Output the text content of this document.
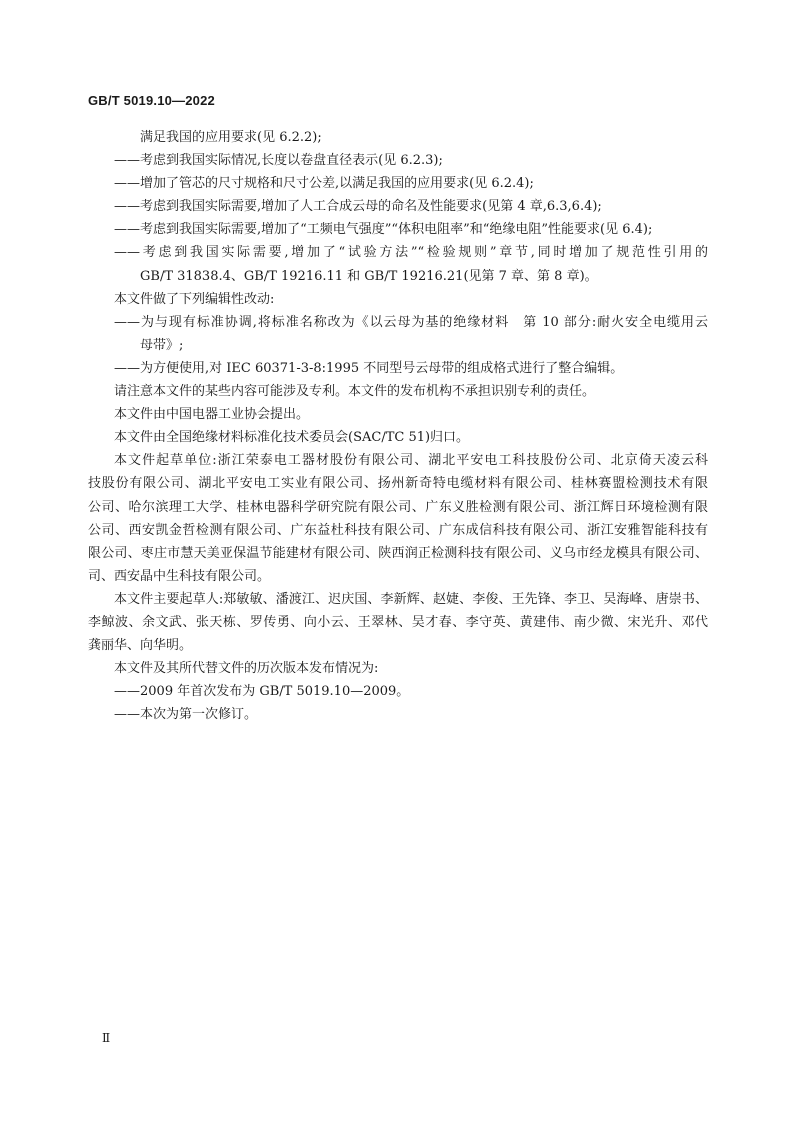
GB/T 5019.10—2022
满足我国的应用要求(见 6.2.2);
——考虑到我国实际情况,长度以卷盘直径表示(见 6.2.3);
——增加了管芯的尺寸规格和尺寸公差,以满足我国的应用要求(见 6.2.4);
——考虑到我国实际需要,增加了人工合成云母的命名及性能要求(见第 4 章,6.3,6.4);
——考虑到我国实际需要,增加了“工频电气强度”“体积电阻率”和“绝缘电阻”性能要求(见 6.4);
——考虑到我国实际需要,增加了“试验方法”“检验规则”章节,同时增加了规范性引用的
GB/T 31838.4、GB/T 19216.11 和 GB/T 19216.21(见第 7 章、第 8 章)。
本文件做了下列编辑性改动:
——为与现有标准协调,将标准名称改为《以云母为基的绝缘材料　第 10 部分:耐火安全电缆用云
母带》;
——为方便使用,对 IEC 60371-3-8:1995 不同型号云母带的组成格式进行了整合编辑。
请注意本文件的某些内容可能涉及专利。本文件的发布机构不承担识别专利的责任。
本文件由中国电器工业协会提出。
本文件由全国绝缘材料标准化技术委员会(SAC/TC 51)归口。
本文件起草单位:浙江荣泰电工器材股份有限公司、湖北平安电工科技股份公司、北京倚天凌云科
技股份有限公司、湖北平安电工实业有限公司、扬州新奇特电缆材料有限公司、桂林赛盟检测技术有限
公司、哈尔滨理工大学、桂林电器科学研究院有限公司、广东义胜检测有限公司、浙江辉日环境检测有限
公司、西安凯金哲检测有限公司、广东益杜科技有限公司、广东成信科技有限公司、浙江安雅智能科技有
限公司、枣庄市慧天美亚保温节能建材有限公司、陕西润正检测科技有限公司、义乌市经龙模具有限公司、
司、西安晶中生科技有限公司。
本文件主要起草人:郑敏敏、潘渡江、迟庆国、李新辉、赵婕、李俊、王先锋、李卫、吴海峰、唐崇书、
李鲸波、余文武、张天栋、罗传勇、向小云、王翠林、吴才春、李守英、黄建伟、南少微、宋光升、邓代
龚丽华、向华明。
本文件及其所代替文件的历次版本发布情况为:
——2009 年首次发布为 GB/T 5019.10—2009。
——本次为第一次修订。
Ⅱ
